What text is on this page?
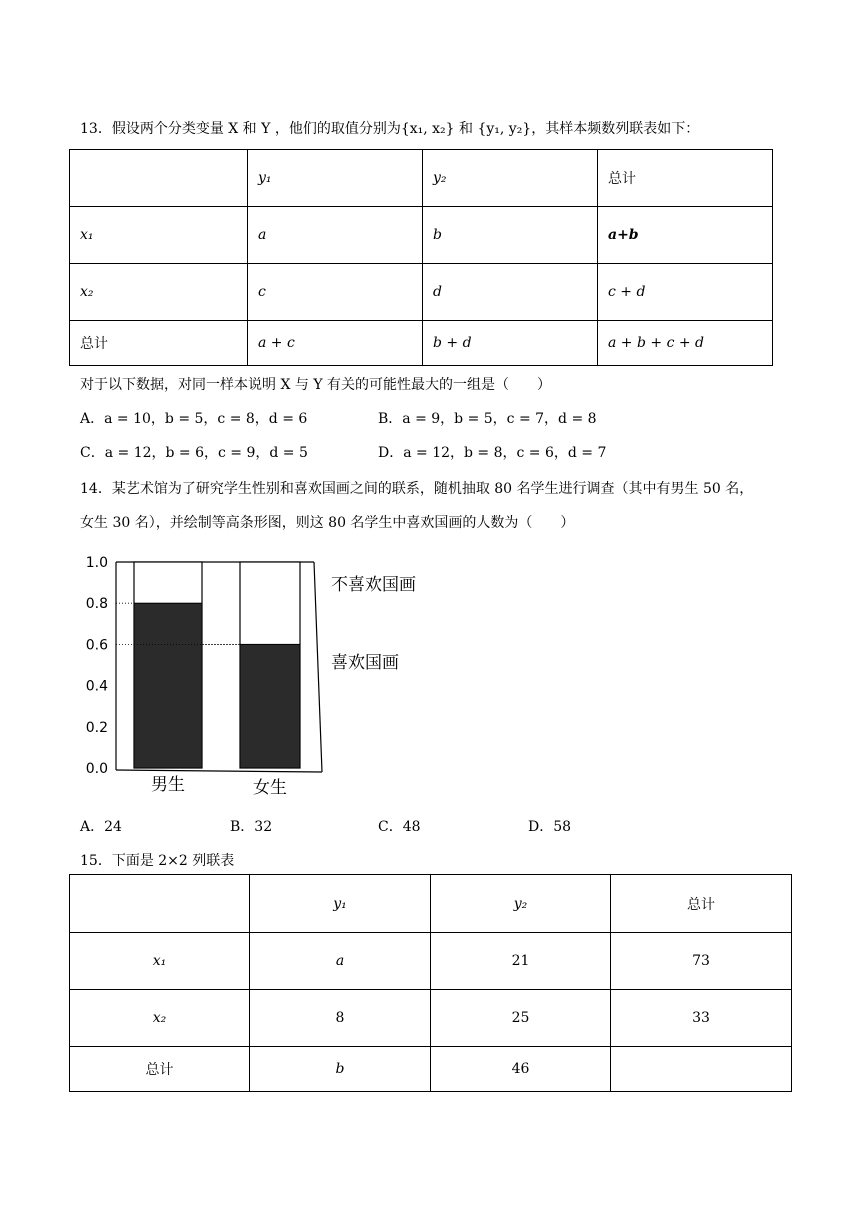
13．假设两个分类变量 X 和 Y ，他们的取值分别为{x₁, x₂} 和 {y₁, y₂}，其样本频数列联表如下：
	y₁	y₂	总计
x₁	a	b	a+b
x₂	c	d	c + d
总计	a + c	b + d	a + b + c + d
对于以下数据，对同一样本说明 X 与 Y 有关的可能性最大的一组是（　　）
A．a = 10，b = 5，c = 8，d = 6	B．a = 9，b = 5，c = 7，d = 8
C．a = 12，b = 6，c = 9，d = 5	D．a = 12，b = 8，c = 6，d = 7
14．某艺术馆为了研究学生性别和喜欢国画之间的联系，随机抽取 80 名学生进行调查（其中有男生 50 名，
女生 30 名），并绘制等高条形图，则这 80 名学生中喜欢国画的人数为（　　）
0.0
0.2
0.4
0.6
0.8
1.0
男生	女生
不喜欢国画
喜欢国画
A．24	B．32	C．48	D．58
15．下面是 2×2 列联表
	y₁	y₂	总计
x₁	a	21	73
x₂	8	25	33
总计	b	46	
